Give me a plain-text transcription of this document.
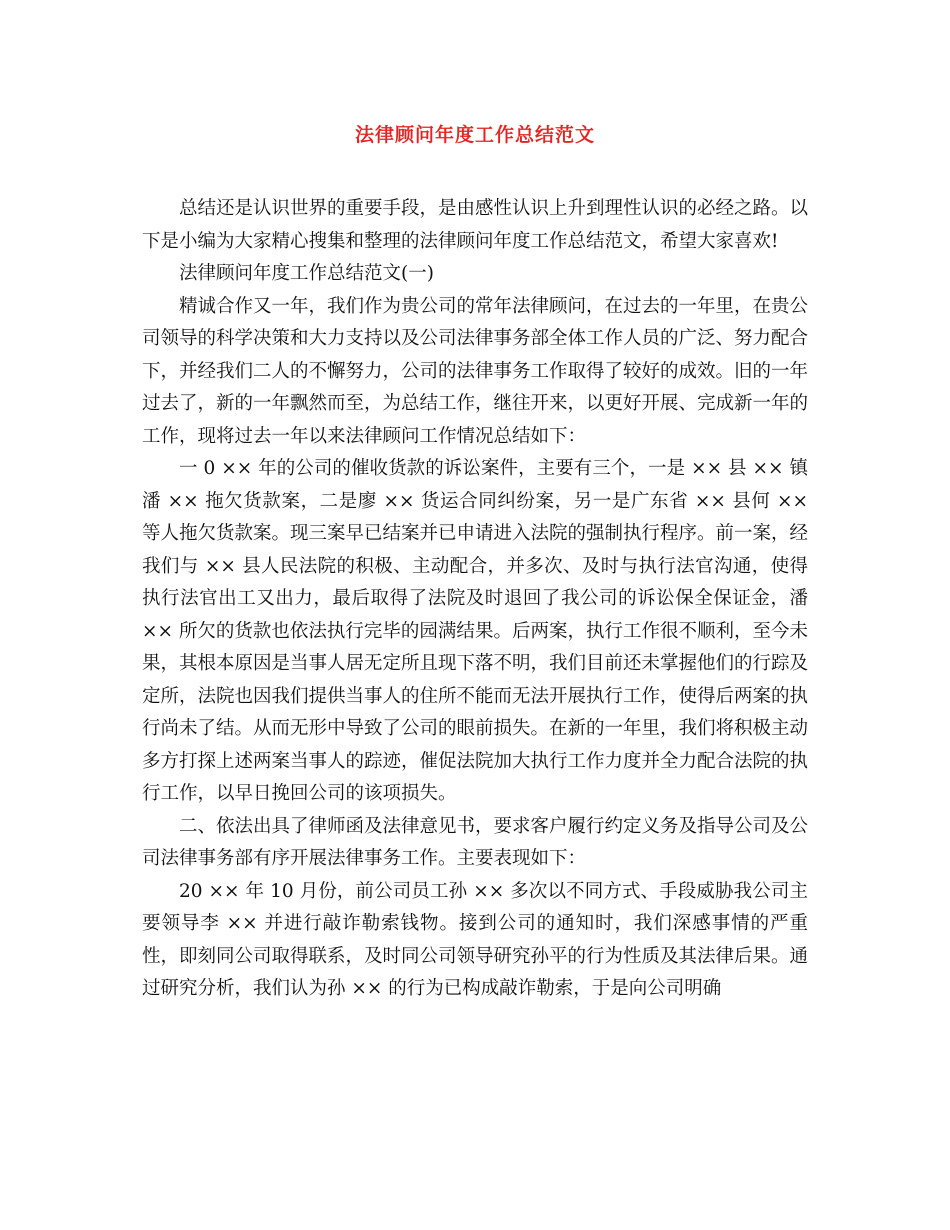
法律顾问年度工作总结范文

总结还是认识世界的重要手段，是由感性认识上升到理性认识的必经之路。以下是小编为大家精心搜集和整理的法律顾问年度工作总结范文，希望大家喜欢!

法律顾问年度工作总结范文(一)

精诚合作又一年，我们作为贵公司的常年法律顾问，在过去的一年里，在贵公司领导的科学决策和大力支持以及公司法律事务部全体工作人员的广泛、努力配合下，并经我们二人的不懈努力，公司的法律事务工作取得了较好的成效。旧的一年过去了，新的一年飘然而至，为总结工作，继往开来，以更好开展、完成新一年的工作，现将过去一年以来法律顾问工作情况总结如下：

一 0 ×× 年的公司的催收货款的诉讼案件，主要有三个，一是 ×× 县 ×× 镇潘 ×× 拖欠货款案，二是廖 ×× 货运合同纠纷案，另一是广东省 ×× 县何 ×× 等人拖欠货款案。现三案早已结案并已申请进入法院的强制执行程序。前一案，经我们与 ×× 县人民法院的积极、主动配合，并多次、及时与执行法官沟通，使得执行法官出工又出力，最后取得了法院及时退回了我公司的诉讼保全保证金，潘 ×× 所欠的货款也依法执行完毕的园满结果。后两案，执行工作很不顺利，至今未果，其根本原因是当事人居无定所且现下落不明，我们目前还未掌握他们的行踪及定所，法院也因我们提供当事人的住所不能而无法开展执行工作，使得后两案的执行尚未了结。从而无形中导致了公司的眼前损失。在新的一年里，我们将积极主动多方打探上述两案当事人的踪迹，催促法院加大执行工作力度并全力配合法院的执行工作，以早日挽回公司的该项损失。

二、依法出具了律师函及法律意见书，要求客户履行约定义务及指导公司及公司法律事务部有序开展法律事务工作。主要表现如下：

20 ×× 年 10 月份，前公司员工孙 ×× 多次以不同方式、手段威胁我公司主要领导李 ×× 并进行敲诈勒索钱物。接到公司的通知时，我们深感事情的严重性，即刻同公司取得联系，及时同公司领导研究孙平的行为性质及其法律后果。通过研究分析，我们认为孙 ×× 的行为已构成敲诈勒索，于是向公司明确
